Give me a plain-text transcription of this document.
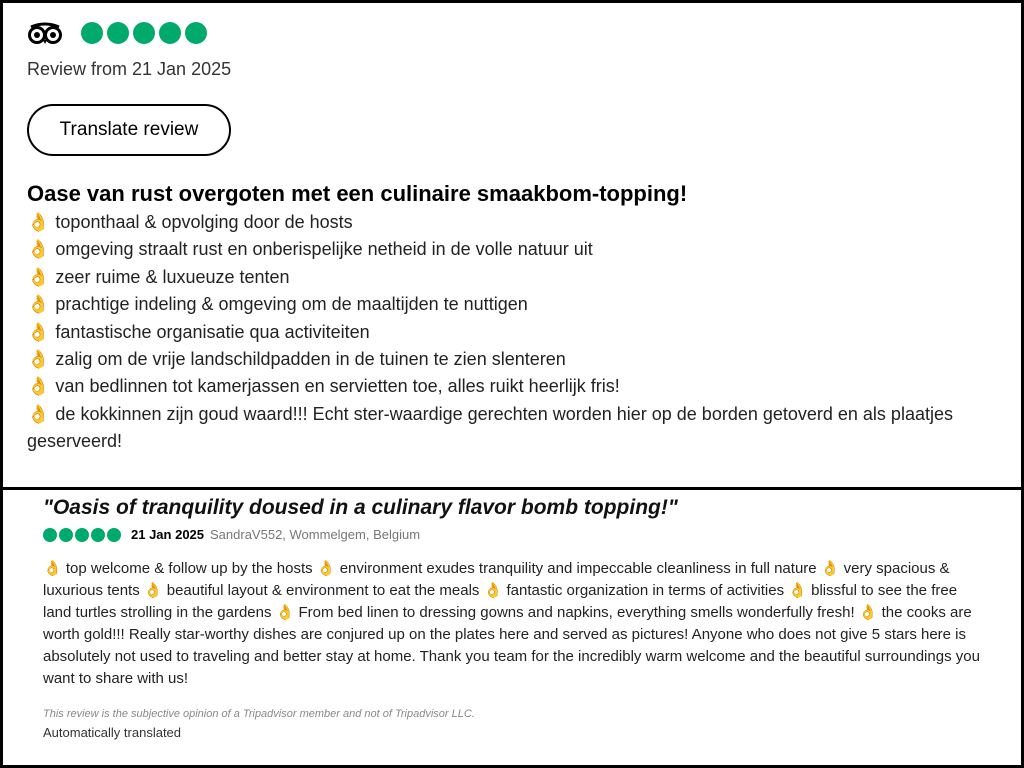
Review from 21 Jan 2025
Translate review
Oase van rust overgoten met een culinaire smaakbom-topping!
👌 toponthaal & opvolging door de hosts
👌 omgeving straalt rust en onberispelijke netheid in de volle natuur uit
👌 zeer ruime & luxueuze tenten
👌 prachtige indeling & omgeving om de maaltijden te nuttigen
👌 fantastische organisatie qua activiteiten
👌 zalig om de vrije landschildpadden in de tuinen te zien slenteren
👌 van bedlinnen tot kamerjassen en servietten toe, alles ruikt heerlijk fris!
👌 de kokkinnen zijn goud waard!!! Echt ster-waardige gerechten worden hier op de borden getoverd en als plaatjes geserveerd!
"Oasis of tranquility doused in a culinary flavor bomb topping!"
21 Jan 2025 SandraV552, Wommelgem, Belgium

👌 top welcome & follow up by the hosts 👌 environment exudes tranquility and impeccable cleanliness in full nature 👌 very spacious & luxurious tents 👌 beautiful layout & environment to eat the meals 👌 fantastic organization in terms of activities 👌 blissful to see the free land turtles strolling in the gardens 👌 From bed linen to dressing gowns and napkins, everything smells wonderfully fresh! 👌 the cooks are worth gold!!! Really star-worthy dishes are conjured up on the plates here and served as pictures! Anyone who does not give 5 stars here is absolutely not used to traveling and better stay at home. Thank you team for the incredibly warm welcome and the beautiful surroundings you want to share with us!

This review is the subjective opinion of a Tripadvisor member and not of Tripadvisor LLC.
Automatically translated
